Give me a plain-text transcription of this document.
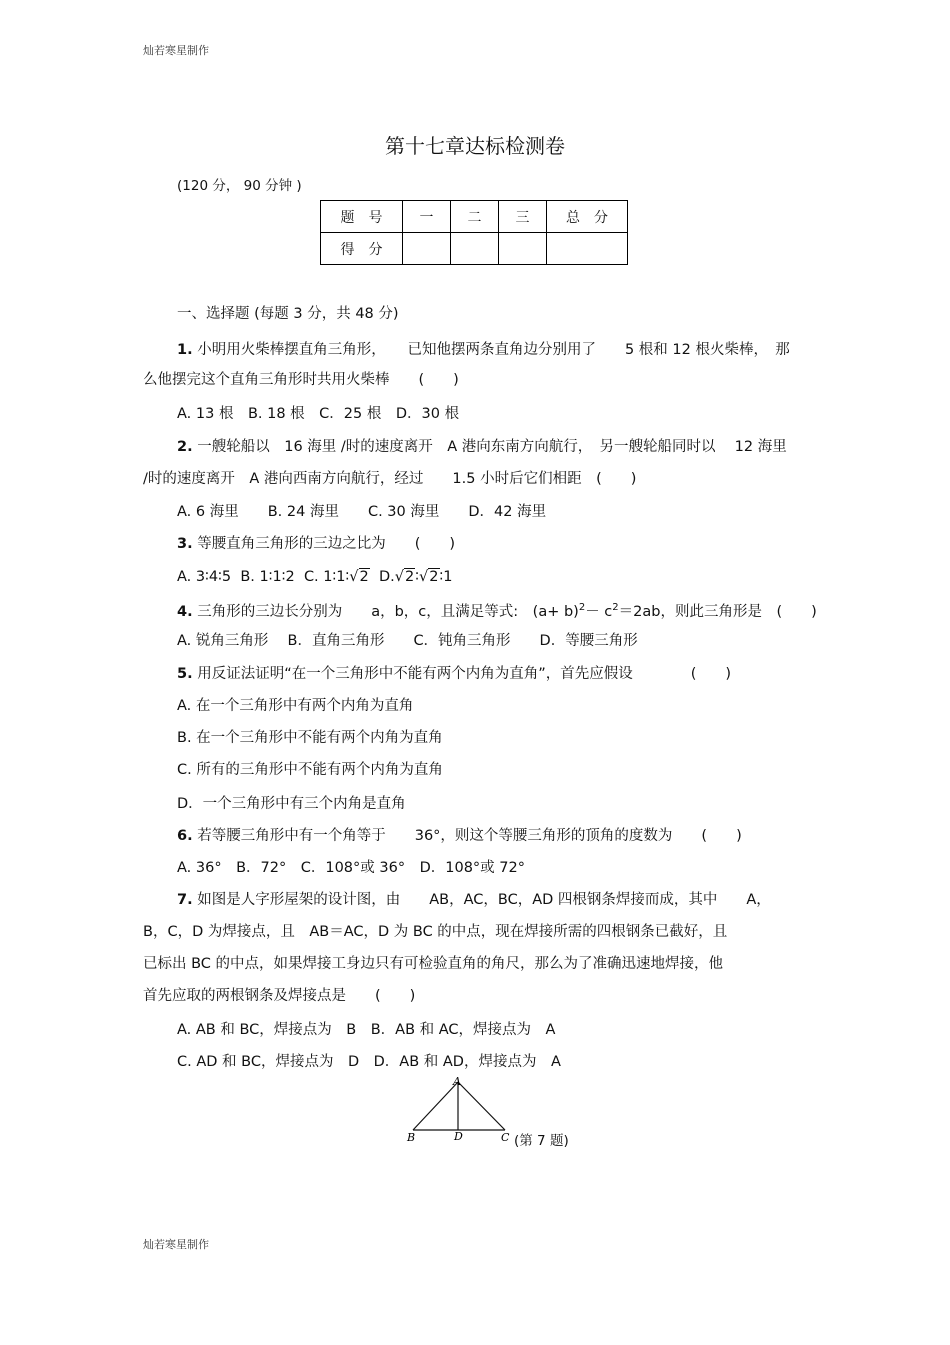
灿若寒星制作
第十七章达标检测卷
(120 分， 90 分钟 )
题　号	一	二	三	总　分
得　分				
一、选择题 (每题 3 分，共 48 分)
1. 小明用火柴棒摆直角三角形，　　已知他摆两条直角边分别用了　　5 根和 12 根火柴棒，　那
么他摆完这个直角三角形时共用火柴棒　　(　　)
A. 13 根　B. 18 根　C．25 根　D．30 根
2. 一艘轮船以　16 海里 /时的速度离开　A 港向东南方向航行，　另一艘轮船同时以　 12 海里
/时的速度离开　A 港向西南方向航行，经过　　1.5 小时后它们相距　(　　)
A. 6 海里　　B. 24 海里　　C. 30 海里　　D．42 海里
3. 等腰直角三角形的三边之比为　　(　　)
A. 3∶4∶5 B. 1∶1∶2 C. 1∶1∶√2 D.√2∶√2∶1
4. 三角形的三边长分别为　　a，b，c，且满足等式:　$(a+ b)^2- c^2=2ab$，则此三角形是　(　　)
A. 锐角三角形　 B．直角三角形　　C．钝角三角形　　D．等腰三角形
5. 用反证法证明“在一个三角形中不能有两个内角为直角”，首先应假设　　　　(　　)
A. 在一个三角形中有两个内角为直角
B. 在一个三角形中不能有两个内角为直角
C. 所有的三角形中不能有两个内角为直角
D．一个三角形中有三个内角是直角
6. 若等腰三角形中有一个角等于　　36°，则这个等腰三角形的顶角的度数为　　(　　)
A. 36°　B．72°　C．108°或 36°　D．108°或 72°
7. 如图是人字形屋架的设计图，由　　AB，AC，BC，AD 四根钢条焊接而成，其中　　A，
B，C，D 为焊接点，且　AB＝AC，D 为 BC 的中点，现在焊接所需的四根钢条已截好，且
已标出 BC 的中点，如果焊接工身边只有可检验直角的角尺，那么为了准确迅速地焊接，他
首先应取的两根钢条及焊接点是　　(　　)
A. AB 和 BC，焊接点为　B　B．AB 和 AC，焊接点为　A
C. AD 和 BC，焊接点为　D　D．AB 和 AD，焊接点为　A
A
B	D	C (第 7 题)
灿若寒星制作
